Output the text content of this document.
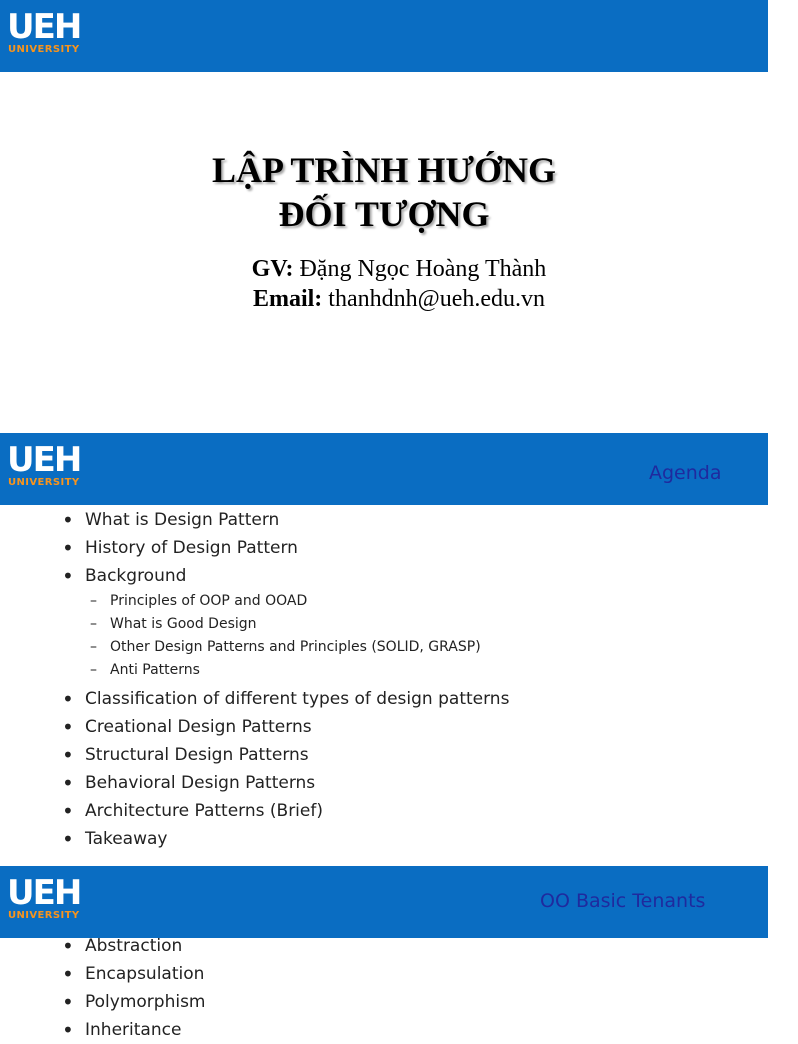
UEH
UNIVERSITY
LẬP TRÌNH HƯỚNG
ĐỐI TƯỢNG
GV: Đặng Ngọc Hoàng Thành
Email: thanhdnh@ueh.edu.vn
UEH
UNIVERSITY	Agenda
• What is Design Pattern
• History of Design Pattern
• Background
– Principles of OOP and OOAD
– What is Good Design
– Other Design Patterns and Principles (SOLID, GRASP)
– Anti Patterns
• Classification of different types of design patterns
• Creational Design Patterns
• Structural Design Patterns
• Behavioral Design Patterns
• Architecture Patterns (Brief)
• Takeaway
UEH
UNIVERSITY
OO Basic Tenants
• Abstraction
• Encapsulation
• Polymorphism
• Inheritance
